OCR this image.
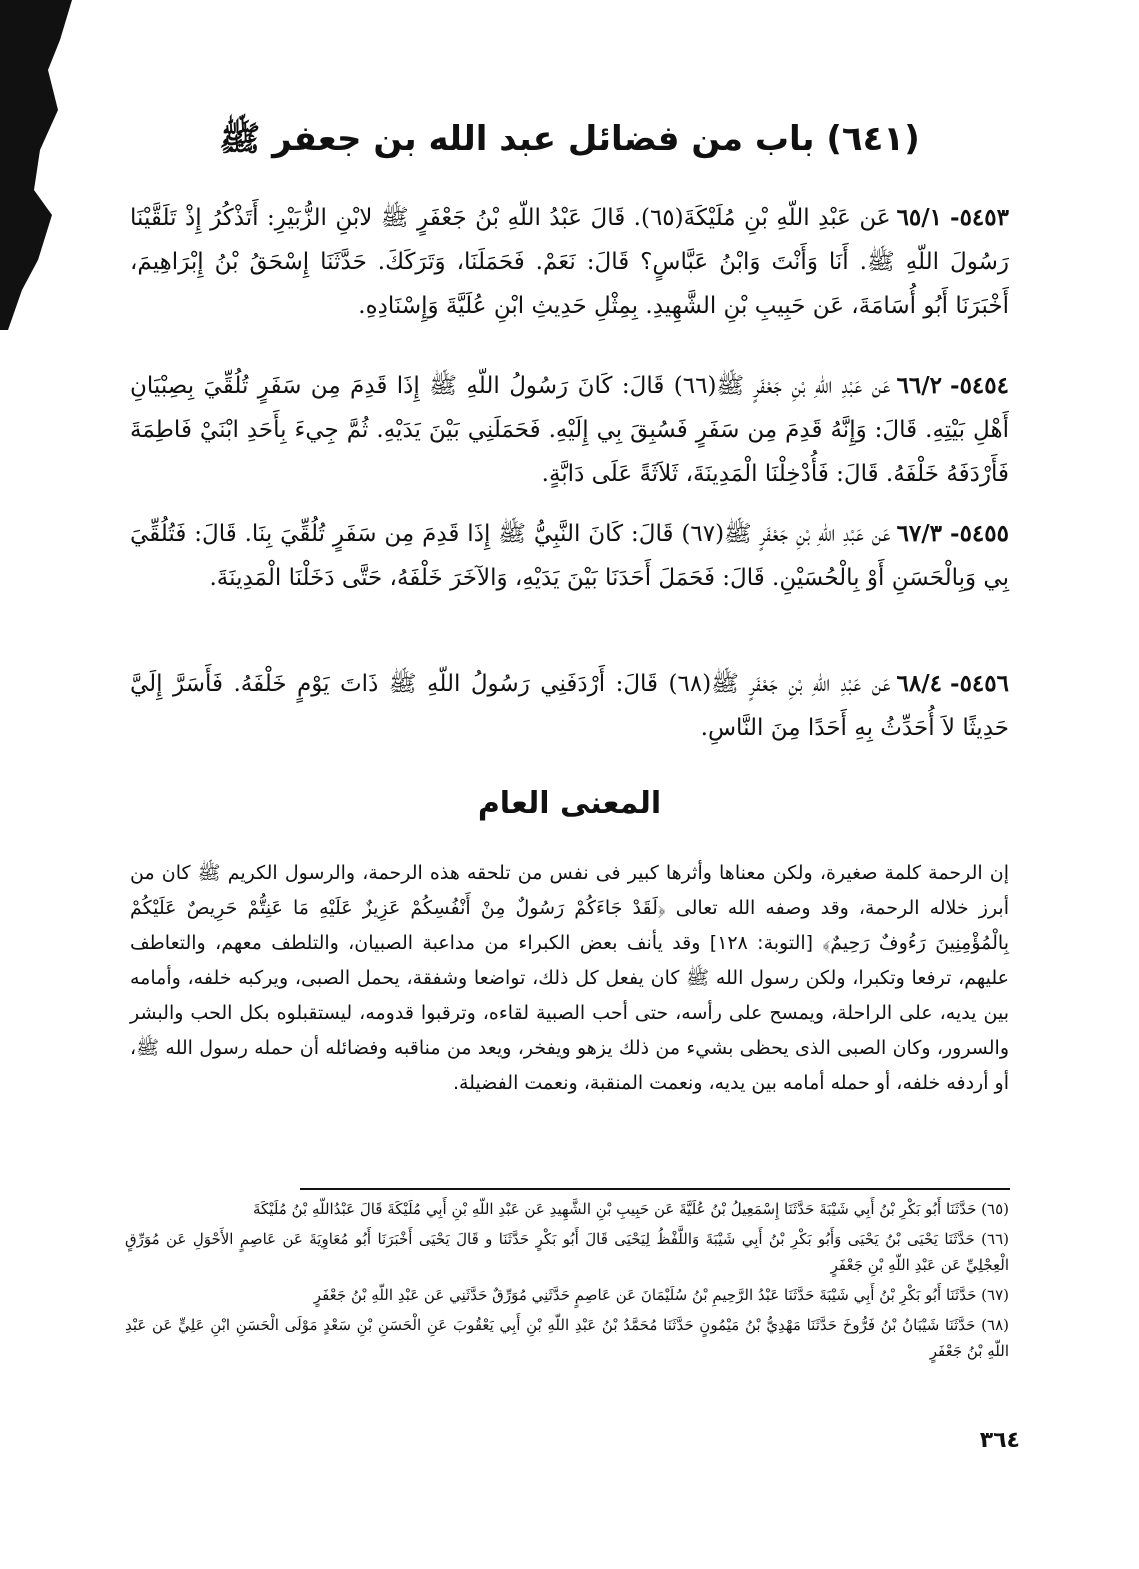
(٦٤١) باب من فضائل عبد الله بن جعفر ﷺ
٥٤٥٣-٦٥/١عَن عَبْدِ اللّهِ بْنِ مُلَيْكَةَ(٦٥). قَالَ عَبْدُ اللّهِ بْنُ جَعْفَرٍ ﷺ لابْنِ الزُّبَيْرِ: أَتَذْكُرُ إِذْ تَلَقَّيْنَا رَسُولَ اللّهِ ﷺ. أَنَا وَأَنْتَ وَابْنُ عَبَّاسٍ؟ قَالَ: نَعَمْ. فَحَمَلَنَا، وَتَرَكَكَ. حَدَّثَنَا إِسْحَقُ بْنُ إِبْرَاهِيمَ، أَخْبَرَنَا أَبُو أُسَامَةَ، عَن حَبِيبِ بْنِ الشَّهِيدِ. بِمِثْلِ حَدِيثِ ابْنِ عُلَيَّةَ وَإِسْنَادِهِ.
٥٤٥٤-٦٦/٢عَن عَبْدِ اللّهِ بْنِ جَعْفَرٍ ﷺ(٦٦) قَالَ: كَانَ رَسُولُ اللّهِ ﷺ إِذَا قَدِمَ مِن سَفَرٍ تُلُقِّيَ بِصِبْيَانِ أَهْلِ بَيْتِهِ. قَالَ: وَإِنَّهُ قَدِمَ مِن سَفَرٍ فَسُبِقَ بِي إِلَيْهِ. فَحَمَلَنِي بَيْنَ يَدَيْهِ. ثُمَّ جِيءَ بِأَحَدِ ابْنَيْ فَاطِمَةَ فَأَرْدَفَهُ خَلْفَهُ. قَالَ: فَأُدْخِلْنَا الْمَدِينَةَ، ثَلاَثَةً عَلَى دَابَّةٍ.
٥٤٥٥-٦٧/٣عَن عَبْدِ اللّهِ بْنِ جَعْفَرٍ ﷺ(٦٧) قَالَ: كَانَ النَّبِيُّ ﷺ إِذَا قَدِمَ مِن سَفَرٍ تُلُقِّيَ بِنَا. قَالَ: فَتُلُقِّيَ بِي وَبِالْحَسَنِ أَوْ بِالْحُسَيْنِ. قَالَ: فَحَمَلَ أَحَدَنَا بَيْنَ يَدَيْهِ، وَالآخَرَ خَلْفَهُ، حَتَّى دَخَلْنَا الْمَدِينَةَ.
٥٤٥٦-٦٨/٤عَن عَبْدِ اللّهِ بْنِ جَعْفَرٍ ﷺ(٦٨) قَالَ: أَرْدَفَنِي رَسُولُ اللّهِ ﷺ ذَاتَ يَوْمٍ خَلْفَهُ. فَأَسَرَّ إِلَيَّ حَدِيثًا لاَ أُحَدِّثُ بِهِ أَحَدًا مِنَ النَّاسِ.
المعنى العام
إن الرحمة كلمة صغيرة، ولكن معناها وأثرها كبير فى نفس من تلحقه هذه الرحمة، والرسول الكريم ﷺ كان من أبرز خلاله الرحمة، وقد وصفه الله تعالى ﴿لَقَدْ جَاءَكُمْ رَسُولٌ مِنْ أَنْفُسِكُمْ عَزِيزٌ عَلَيْهِ مَا عَنِتُّمْ حَرِيصٌ عَلَيْكُمْ بِالْمُؤْمِنِينَ رَءُوفٌ رَحِيمٌ﴾ [التوبة: ١٢٨] وقد يأنف بعض الكبراء من مداعبة الصبيان، والتلطف معهم، والتعاطف عليهم، ترفعا وتكبرا، ولكن رسول الله ﷺ كان يفعل كل ذلك، تواضعا وشفقة، يحمل الصبى، ويركبه خلفه، وأمامه بين يديه، على الراحلة، ويمسح على رأسه، حتى أحب الصبية لقاءه، وترقبوا قدومه، ليستقبلوه بكل الحب والبشر والسرور، وكان الصبى الذى يحظى بشيء من ذلك يزهو ويفخر، ويعد من مناقبه وفضائله أن حمله رسول الله ﷺ، أو أردفه خلفه، أو حمله أمامه بين يديه، ونعمت المنقبة، ونعمت الفضيلة.

(٦٥) حَدَّثَنَا أَبُو بَكْرِ بْنُ أَبِي شَيْبَةَ حَدَّثَنَا إِسْمَعِيلُ بْنُ عُلَيَّةَ عَن حَبِيبِ بْنِ الشَّهِيدِ عَن عَبْدِ اللّهِ بْنِ أَبِي مُلَيْكَةَ قَالَ عَبْدُاللّهِ بْنُ مُلَيْكَةَ

(٦٦) حَدَّثَنَا يَحْيَى بْنُ يَحْيَى وَأَبُو بَكْرِ بْنُ أَبِي شَيْبَةَ وَاللَّفْظُ لِيَحْيَى قَالَ أَبُو بَكْرٍ حَدَّثَنَا و قَالَ يَحْيَى أَخْبَرَنَا أَبُو مُعَاوِيَةَ عَن عَاصِمٍ الأَحْوَلِ عَن مُوَرِّقٍ الْعِجْلِيِّ عَن عَبْدِ اللّهِ بْنِ جَعْفَرٍ

(٦٧) حَدَّثَنَا أَبُو بَكْرِ بْنُ أَبِي شَيْبَةَ حَدَّثَنَا عَبْدُ الرَّحِيمِ بْنُ سُلَيْمَانَ عَن عَاصِمٍ حَدَّثَنِي مُوَرِّقٌ حَدَّثَنِي عَن عَبْدِ اللّهِ بْنُ جَعْفَرٍ

(٦٨) حَدَّثَنَا شَيْبَانُ بْنُ فَرُّوخَ حَدَّثَنَا مَهْدِيُّ بْنُ مَيْمُونٍ حَدَّثَنَا مُحَمَّدُ بْنُ عَبْدِ اللّهِ بْنِ أَبِي يَعْقُوبَ عَنِ الْحَسَنِ بْنِ سَعْدٍ مَوْلَى الْحَسَنِ ابْنِ عَلِيٍّ عَن عَبْدِ اللّهِ بْنُ جَعْفَرٍ

٣٦٤
